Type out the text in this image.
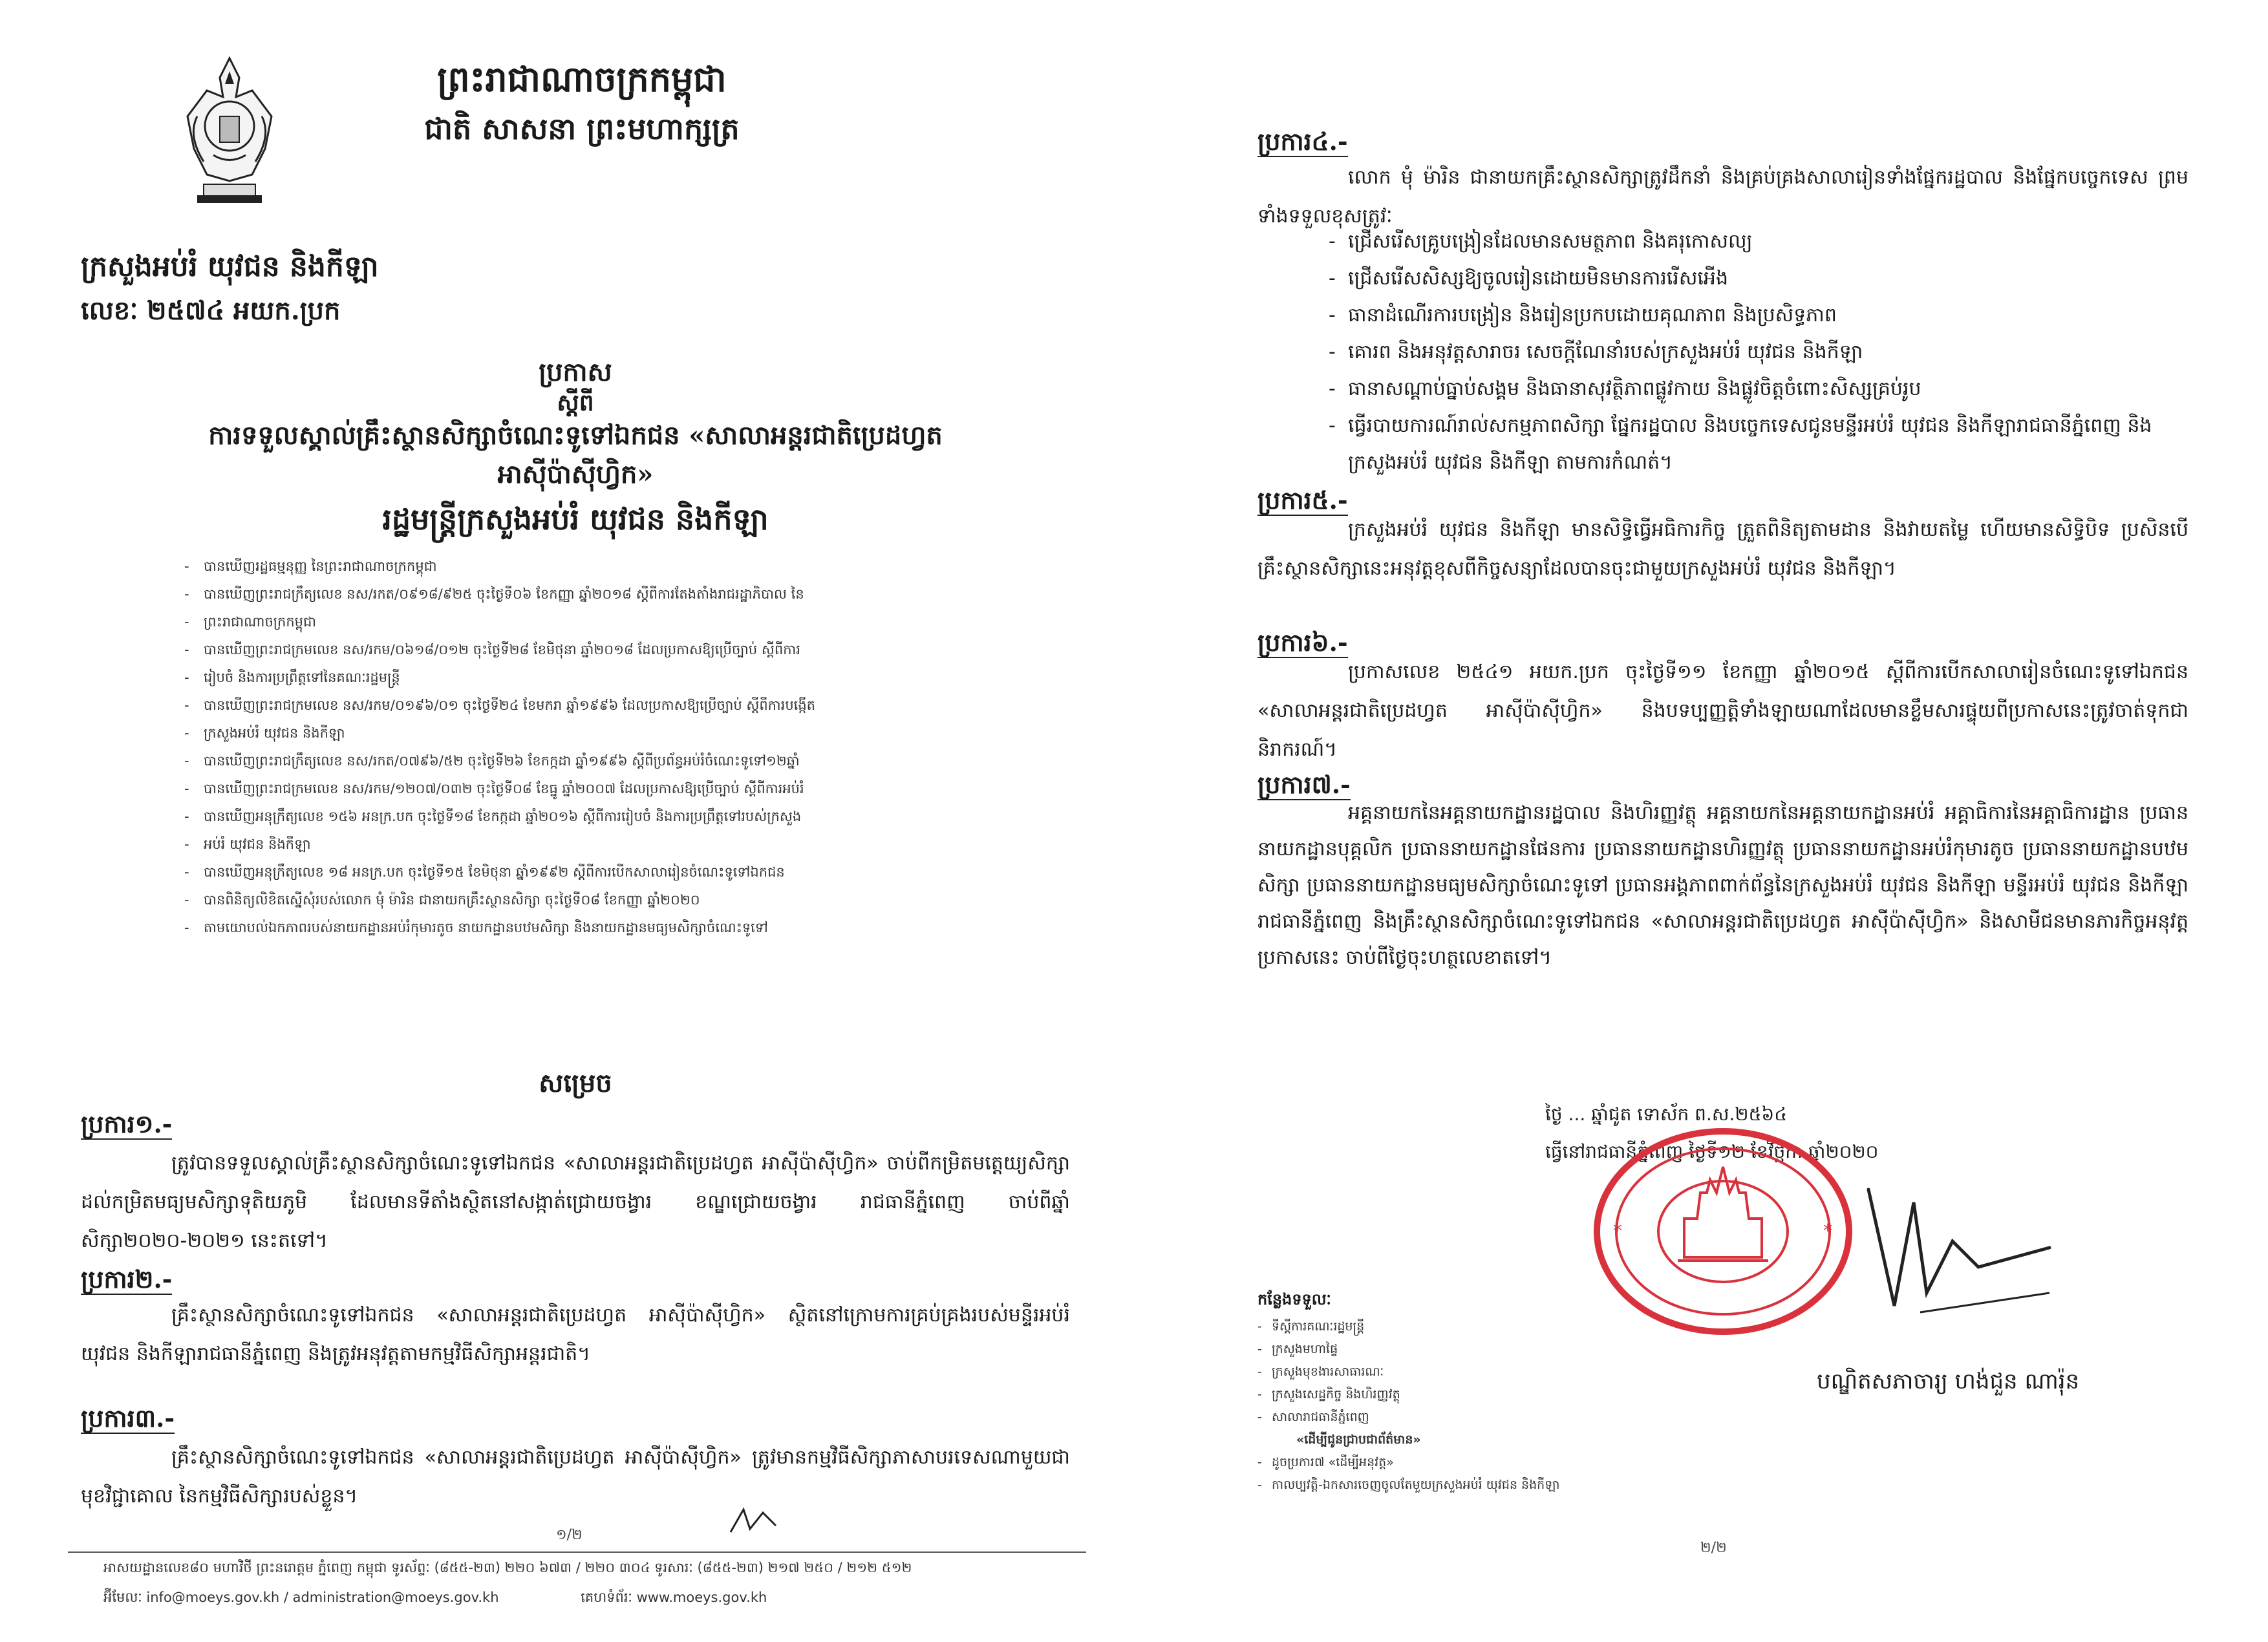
ព្រះរាជាណាចក្រកម្ពុជា
ជាតិ សាសនា ព្រះមហាក្សត្រ
ក្រសួងអប់រំ យុវជន និងកីឡា
លេខៈ ២៥៧៤ អយក.ប្រក
ប្រកាស
ស្តីពី
ការទទួលស្គាល់គ្រឹះស្ថានសិក្សាចំណេះទូទៅឯកជន «សាលាអន្តរជាតិប្រេដហ្វត
អាស៊ីប៉ាស៊ីហ្វិក»
រដ្ឋមន្ត្រីក្រសួងអប់រំ យុវជន និងកីឡា
- បានឃើញរដ្ឋធម្មនុញ្ញ នៃព្រះរាជាណាចក្រកម្ពុជា
- បានឃើញព្រះរាជក្រឹត្យលេខ នស/រកត/០៩១៨/៩២៥ ចុះថ្ងៃទី០៦ ខែកញ្ញា ឆ្នាំ២០១៨ ស្តីពីការតែងតាំងរាជរដ្ឋាភិបាល នៃ
- ព្រះរាជាណាចក្រកម្ពុជា
- បានឃើញព្រះរាជក្រមលេខ នស/រកម/០៦១៨/០១២ ចុះថ្ងៃទី២៨ ខែមិថុនា ឆ្នាំ២០១៨ ដែលប្រកាសឱ្យប្រើច្បាប់ ស្តីពីការ
- រៀបចំ និងការប្រព្រឹត្តទៅនៃគណៈរដ្ឋមន្ត្រី
- បានឃើញព្រះរាជក្រមលេខ នស/រកម/០១៩៦/០១ ចុះថ្ងៃទី២៤ ខែមករា ឆ្នាំ១៩៩៦ ដែលប្រកាសឱ្យប្រើច្បាប់ ស្តីពីការបង្កើត
- ក្រសួងអប់រំ យុវជន និងកីឡា
- បានឃើញព្រះរាជក្រឹត្យលេខ នស/រកត/០៧៩៦/៥២ ចុះថ្ងៃទី២៦ ខែកក្កដា ឆ្នាំ១៩៩៦ ស្តីពីប្រព័ន្ធអប់រំចំណេះទូទៅ១២ឆ្នាំ
- បានឃើញព្រះរាជក្រមលេខ នស/រកម/១២០៧/០៣២ ចុះថ្ងៃទី០៨ ខែធ្នូ ឆ្នាំ២០០៧ ដែលប្រកាសឱ្យប្រើច្បាប់ ស្តីពីការអប់រំ
- បានឃើញអនុក្រឹត្យលេខ ១៥៦ អនក្រ.បក ចុះថ្ងៃទី១៨ ខែកក្កដា ឆ្នាំ២០១៦ ស្តីពីការរៀបចំ និងការប្រព្រឹត្តទៅរបស់ក្រសួង
- អប់រំ យុវជន និងកីឡា
- បានឃើញអនុក្រឹត្យលេខ ១៨ អនក្រ.បក ចុះថ្ងៃទី១៥ ខែមិថុនា ឆ្នាំ១៩៩២ ស្តីពីការបើកសាលារៀនចំណេះទូទៅឯកជន
- បានពិនិត្យលិខិតស្នើសុំរបស់លោក មុំ ម៉ារិន ជានាយកគ្រឹះស្ថានសិក្សា ចុះថ្ងៃទី០៨ ខែកញ្ញា ឆ្នាំ២០២០
- តាមយោបល់ឯកភាពរបស់នាយកដ្ឋានអប់រំកុមារតូច នាយកដ្ឋានបឋមសិក្សា និងនាយកដ្ឋានមធ្យមសិក្សាចំណេះទូទៅ
សម្រេច
ប្រការ១.-
ត្រូវបានទទួលស្គាល់គ្រឹះស្ថានសិក្សាចំណេះទូទៅឯកជន «សាលាអន្តរជាតិប្រេដហ្វត អាស៊ីប៉ាស៊ីហ្វិក» ចាប់ពីកម្រិតមត្តេយ្យសិក្សា ដល់កម្រិតមធ្យមសិក្សាទុតិយភូមិ ដែលមានទីតាំងស្ថិតនៅសង្កាត់ជ្រោយចង្វារ ខណ្ឌជ្រោយចង្វារ រាជធានីភ្នំពេញ ចាប់ពីឆ្នាំសិក្សា២០២០-២០២១ នេះតទៅ។
ប្រការ២.-
គ្រឹះស្ថានសិក្សាចំណេះទូទៅឯកជន «សាលាអន្តរជាតិប្រេដហ្វត អាស៊ីប៉ាស៊ីហ្វិក» ស្ថិតនៅក្រោមការគ្រប់គ្រងរបស់មន្ទីរអប់រំ យុវជន និងកីឡារាជធានីភ្នំពេញ និងត្រូវអនុវត្តតាមកម្មវិធីសិក្សាអន្តរជាតិ។
ប្រការ៣.-
គ្រឹះស្ថានសិក្សាចំណេះទូទៅឯកជន «សាលាអន្តរជាតិប្រេដហ្វត អាស៊ីប៉ាស៊ីហ្វិក» ត្រូវមានកម្មវិធីសិក្សាភាសាបរទេសណាមួយជាមុខវិជ្ជាគោល នៃកម្មវិធីសិក្សារបស់ខ្លួន។
១/២
អាសយដ្ឋានលេខ៨០ មហាវិថី ព្រះនរោត្តម ភ្នំពេញ កម្ពុជា ទូរស័ព្ទៈ (៨៥៥-២៣) ២២០ ៦៧៣ / ២២០ ៣០៤ ទូរសារៈ (៨៥៥-២៣) ២១៧ ២៥០ / ២១២ ៥១២
អ៊ីមែលៈ info@moeys.gov.kh / administration@moeys.gov.kh	គេហទំព័រៈ www.moeys.gov.kh
ប្រការ៤.-
លោក មុំ ម៉ារិន ជានាយកគ្រឹះស្ថានសិក្សាត្រូវដឹកនាំ និងគ្រប់គ្រងសាលារៀនទាំងផ្នែករដ្ឋបាល និងផ្នែកបច្ចេកទេស ព្រមទាំងទទួលខុសត្រូវៈ
- ជ្រើសរើសគ្រូបង្រៀនដែលមានសមត្ថភាព និងគរុកោសល្យ
- ជ្រើសរើសសិស្សឱ្យចូលរៀនដោយមិនមានការរើសអើង
- ធានាដំណើរការបង្រៀន និងរៀនប្រកបដោយគុណភាព និងប្រសិទ្ធភាព
- គោរព និងអនុវត្តសារាចរ សេចក្តីណែនាំរបស់ក្រសួងអប់រំ យុវជន និងកីឡា
- ធានាសណ្តាប់ធ្នាប់សង្គម និងធានាសុវត្ថិភាពផ្លូវកាយ និងផ្លូវចិត្តចំពោះសិស្សគ្រប់រូប
- ធ្វើរបាយការណ៍រាល់សកម្មភាពសិក្សា ផ្នែករដ្ឋបាល និងបច្ចេកទេសជូនមន្ទីរអប់រំ យុវជន និងកីឡារាជធានីភ្នំពេញ និងក្រសួងអប់រំ យុវជន និងកីឡា តាមការកំណត់។
ប្រការ៥.-
ក្រសួងអប់រំ យុវជន និងកីឡា មានសិទ្ធិធ្វើអធិការកិច្ច ត្រួតពិនិត្យតាមដាន និងវាយតម្លៃ ហើយមានសិទ្ធិបិទ ប្រសិនបើគ្រឹះស្ថានសិក្សានេះអនុវត្តខុសពីកិច្ចសន្យាដែលបានចុះជាមួយក្រសួងអប់រំ យុវជន និងកីឡា។
ប្រការ៦.-
ប្រកាសលេខ ២៥៤១ អយក.ប្រក ចុះថ្ងៃទី១១ ខែកញ្ញា ឆ្នាំ២០១៥ ស្តីពីការបើកសាលារៀនចំណេះទូទៅឯកជន «សាលាអន្តរជាតិប្រេដហ្វត អាស៊ីប៉ាស៊ីហ្វិក» និងបទប្បញ្ញត្តិទាំងឡាយណាដែលមានខ្លឹមសារផ្ទុយពីប្រកាសនេះត្រូវចាត់ទុកជានិរាករណ៍។
ប្រការ៧.-
អគ្គនាយកនៃអគ្គនាយកដ្ឋានរដ្ឋបាល និងហិរញ្ញវត្ថុ អគ្គនាយកនៃអគ្គនាយកដ្ឋានអប់រំ អគ្គាធិការនៃអគ្គាធិការដ្ឋាន ប្រធាននាយកដ្ឋានបុគ្គលិក ប្រធាននាយកដ្ឋានផែនការ ប្រធាននាយកដ្ឋានហិរញ្ញវត្ថុ ប្រធាននាយកដ្ឋានអប់រំកុមារតូច ប្រធាននាយកដ្ឋានបឋមសិក្សា ប្រធាននាយកដ្ឋានមធ្យមសិក្សាចំណេះទូទៅ ប្រធានអង្គភាពពាក់ព័ន្ធនៃក្រសួងអប់រំ យុវជន និងកីឡា មន្ទីរអប់រំ យុវជន និងកីឡារាជធានីភ្នំពេញ និងគ្រឹះស្ថានសិក្សាចំណេះទូទៅឯកជន «សាលាអន្តរជាតិប្រេដហ្វត អាស៊ីប៉ាស៊ីហ្វិក» និងសាមីជនមានភារកិច្ចអនុវត្តប្រកាសនេះ ចាប់ពីថ្ងៃចុះហត្ថលេខាតទៅ។
ថ្ងៃ ... ឆ្នាំជូត ទោស័ក ព.ស.២៥៦៤
ធ្វើនៅរាជធានីភ្នំពេញ ថ្ងៃទី១២ ខែវិច្ឆិកា ឆ្នាំ២០២០
*	*
កន្លែងទទួលៈ
- ទីស្តីការគណៈរដ្ឋមន្ត្រី
- ក្រសួងមហាផ្ទៃ
- ក្រសួងមុខងារសាធារណៈ
- ក្រសួងសេដ្ឋកិច្ច និងហិរញ្ញវត្ថុ
- សាលារាជធានីភ្នំពេញ
«ដើម្បីជូនជ្រាបជាព័ត៌មាន»
- ដូចប្រការ៧ «ដើម្បីអនុវត្ត»
- កាលប្បវត្តិ-ឯកសារចេញចូលតែមួយក្រសួងអប់រំ យុវជន និងកីឡា
បណ្ឌិតសភាចារ្យ ហង់ជួន ណារ៉ុន
២/២
